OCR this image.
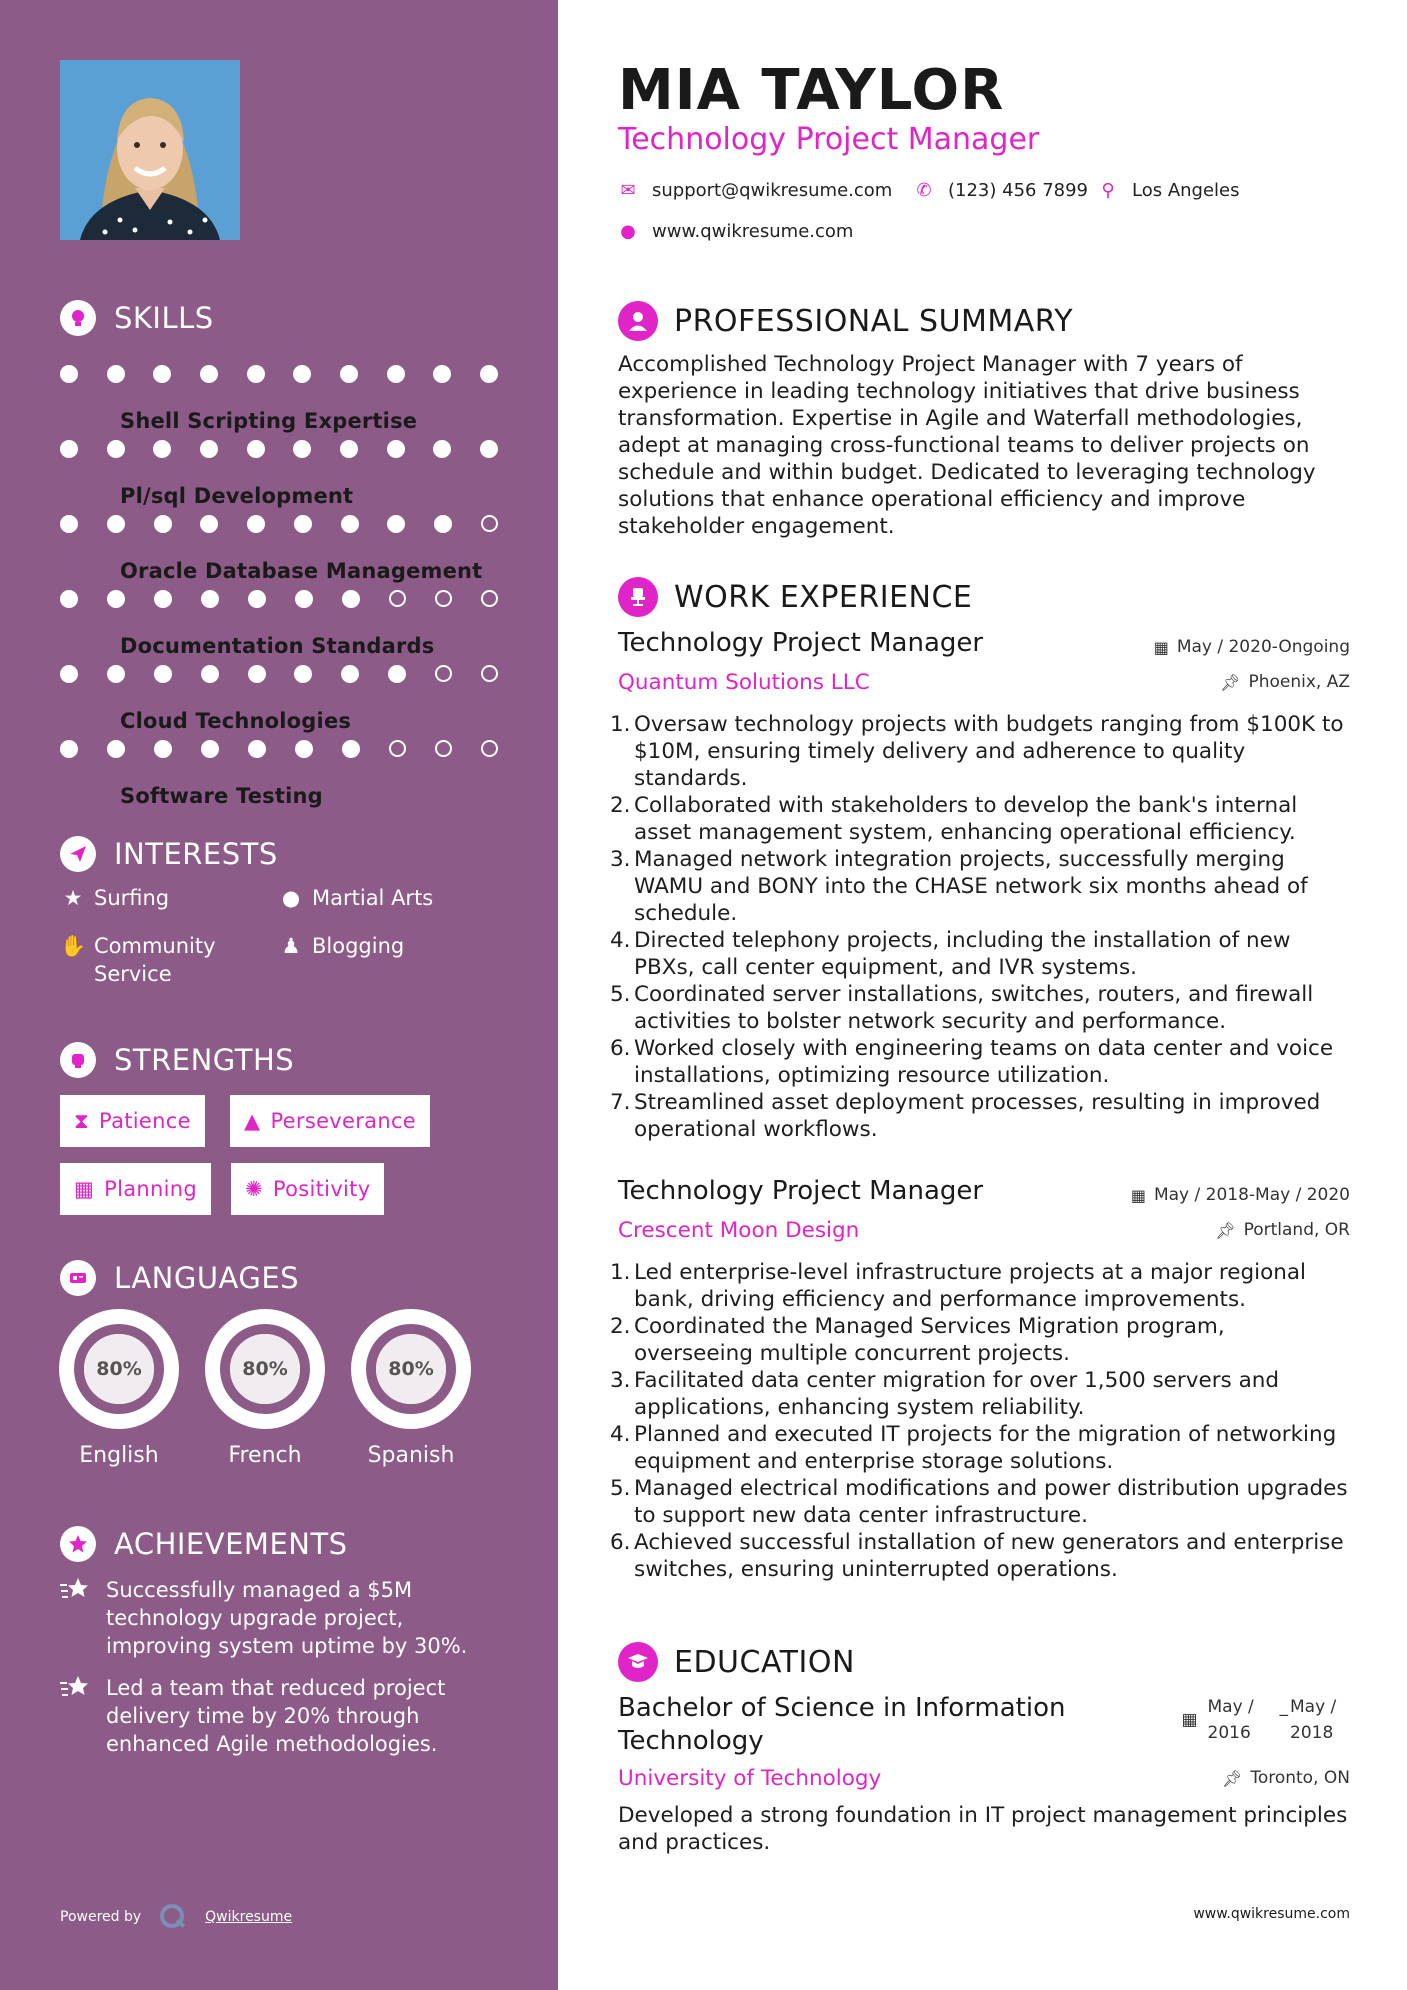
SKILLS
Shell Scripting Expertise
Pl/sql Development
Oracle Database Management
Documentation Standards
Cloud Technologies
Software Testing
INTERESTS
★ Surfing	● Martial Arts
✋ Community Service
♟ Blogging
STRENGTHS
⧗ Patience	▲ Perseverance
▦ Planning ✺ Positivity
LANGUAGES
80%
English
80%
French
80%
Spanish
ACHIEVEMENTS
Successfully managed a $5M technology upgrade project, improving system uptime by 30%.
Led a team that reduced project delivery time by 20% through enhanced Agile methodologies.
Powered by	Qwikresume
MIA TAYLOR
Technology Project Manager
✉ support@qwikresume.com ✆ (123) 456 7899 ⚲ Los Angeles
● www.qwikresume.com
PROFESSIONAL SUMMARY
Accomplished Technology Project Manager with 7 years of experience in leading technology initiatives that drive business transformation. Expertise in Agile and Waterfall methodologies, adept at managing cross-functional teams to deliver projects on schedule and within budget. Dedicated to leveraging technology solutions that enhance operational efficiency and improve stakeholder engagement.
WORK EXPERIENCE
Technology Project Manager	▦ May / 2020-Ongoing
Quantum Solutions LLC	📌︎ Phoenix, AZ
1. Oversaw technology projects with budgets ranging from $100K to $10M, ensuring timely delivery and adherence to quality standards.
2. Collaborated with stakeholders to develop the bank's internal asset management system, enhancing operational efficiency.
3. Managed network integration projects, successfully merging WAMU and BONY into the CHASE network six months ahead of schedule.
4. Directed telephony projects, including the installation of new PBXs, call center equipment, and IVR systems.
5. Coordinated server installations, switches, routers, and firewall activities to bolster network security and performance.
6. Worked closely with engineering teams on data center and voice installations, optimizing resource utilization.
7. Streamlined asset deployment processes, resulting in improved operational workflows.
Technology Project Manager	▦ May / 2018-May / 2020
Crescent Moon Design	📌︎ Portland, OR
1. Led enterprise-level infrastructure projects at a major regional bank, driving efficiency and performance improvements.
2. Coordinated the Managed Services Migration program, overseeing multiple concurrent projects.
3. Facilitated data center migration for over 1,500 servers and applications, enhancing system reliability.
4. Planned and executed IT projects for the migration of networking equipment and enterprise storage solutions.
5. Managed electrical modifications and power distribution upgrades to support new data center infrastructure.
6. Achieved successful installation of new generators and enterprise switches, ensuring uninterrupted operations.
EDUCATION
Bachelor of Science in Information Technology
▦
May / 2016
_ May / 2018
University of Technology	📌︎ Toronto, ON
Developed a strong foundation in IT project management principles and practices.
www.qwikresume.com
